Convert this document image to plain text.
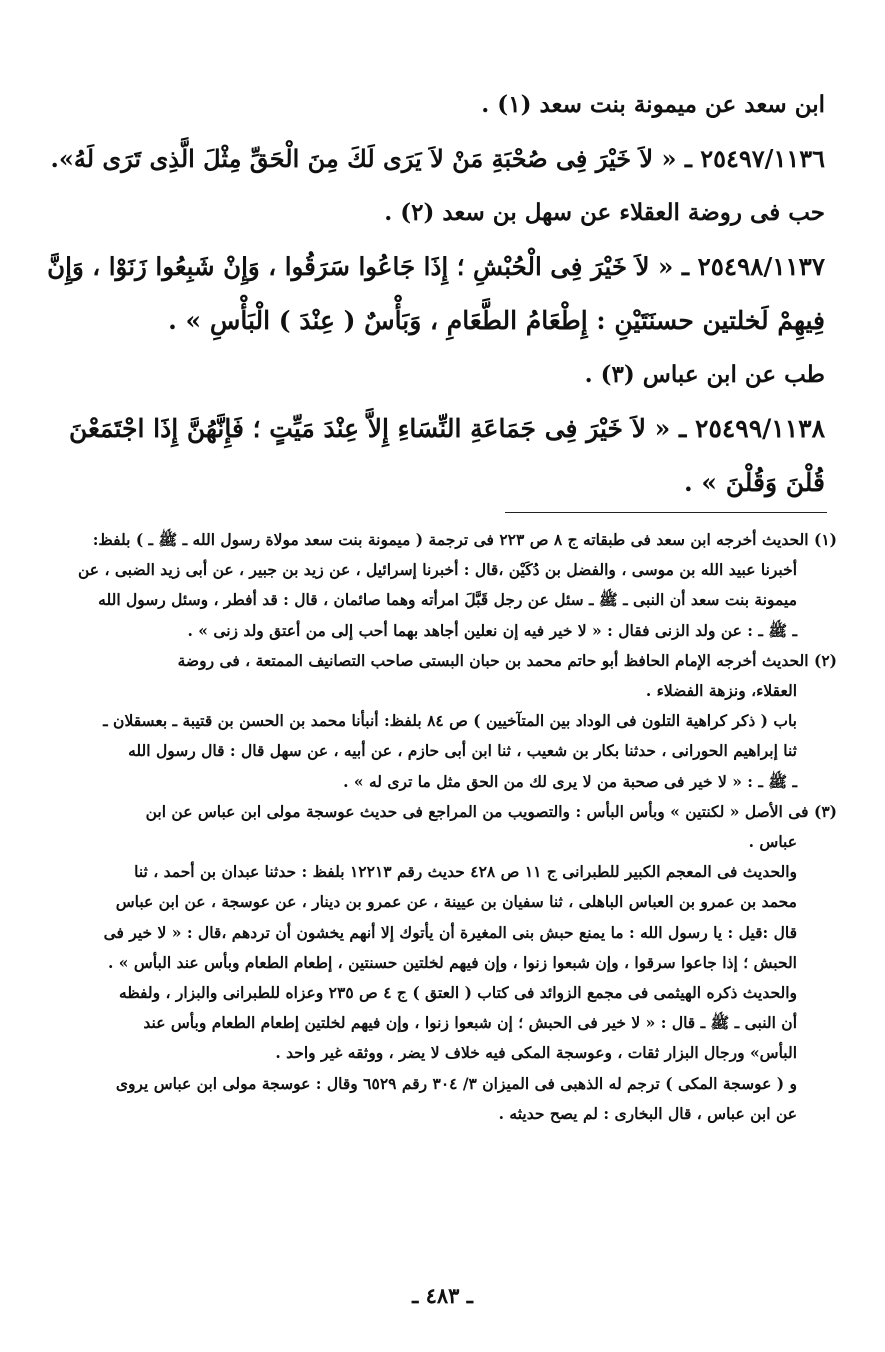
ابن سعد عن ميمونة بنت سعد (١) .
٢٥٤٩٧/١١٣٦ ـ « لاَ خَيْرَ فِى صُحْبَةِ مَنْ لاَ يَرَى لَكَ مِنَ الْحَقِّ مِثْلَ الَّذِى تَرَى لَهُ».
حب فى روضة العقلاء عن سهل بن سعد (٢) .
٢٥٤٩٨/١١٣٧ ـ « لاَ خَيْرَ فِى الْحُبْشِ ؛ إِذَا جَاعُوا سَرَقُوا ، وَإِنْ شَبِعُوا زَنَوْا ، وَإِنَّ
فِيهِمْ لَخلتين حسنَتَيْنِ : إِطْعَامُ الطَّعَامِ ، وَبَأْسٌ ( عِنْدَ ) الْبَأْسِ » .
طب عن ابن عباس (٣) .
٢٥٤٩٩/١١٣٨ ـ « لاَ خَيْرَ فِى جَمَاعَةِ النِّسَاءِ إِلاَّ عِنْدَ مَيِّتٍ ؛ فَإِنَّهُنَّ إِذَا اجْتَمَعْنَ
قُلْنَ وَقُلْنَ » .
(١) الحديث أخرجه ابن سعد فى طبقاته ج ٨ ص ٢٢٣ فى ترجمة ( ميمونة بنت سعد مولاة رسول الله ـ ﷺ ـ ) بلفظ:
أخبرنا عبيد الله بن موسى ، والفضل بن دُكَيْن ،قال : أخبرنا إسرائيل ، عن زيد بن جبير ، عن أبى زيد الضبى ، عن
ميمونة بنت سعد أن النبى ـ ﷺ ـ سئل عن رجل قَبَّلَ امرأته وهما صائمان ، قال : قد أفطر ، وسئل رسول الله
ـ ﷺ ـ : عن ولد الزنى فقال : « لا خير فيه إن نعلين أجاهد بهما أحب إلى من أعتق ولد زنى » .
(٢) الحديث أخرجه الإمام الحافظ أبو حاتم محمد بن حبان البستى صاحب التصانيف الممتعة ، فى روضة
العقلاء، ونزهة الفضلاء .
باب ( ذكر كراهية التلون فى الوداد بين المتآخيين ) ص ٨٤ بلفظ: أنبأنا محمد بن الحسن بن قتيبة ـ بعسقلان ـ
ثنا إبراهيم الحورانى ، حدثنا بكار بن شعيب ، ثنا ابن أبى حازم ، عن أبيه ، عن سهل قال : قال رسول الله
ـ ﷺ ـ : « لا خير فى صحبة من لا يرى لك من الحق مثل ما ترى له » .
(٣) فى الأصل « لكنتين » وبأس البأس : والتصويب من المراجع فى حديث عوسجة مولى ابن عباس عن ابن
عباس .
والحديث فى المعجم الكبير للطبرانى ج ١١ ص ٤٢٨ حديث رقم ١٢٢١٣ بلفظ : حدثنا عبدان بن أحمد ، ثنا
محمد بن عمرو بن العباس الباهلى ، ثنا سفيان بن عيينة ، عن عمرو بن دينار ، عن عوسجة ، عن ابن عباس
قال :قيل : يا رسول الله : ما يمنع حبش بنى المغيرة أن يأتوك إلا أنهم يخشون أن تردهم ،قال : « لا خير فى
الحبش ؛ إذا جاعوا سرقوا ، وإن شبعوا زنوا ، وإن فيهم لخلتين حسنتين ، إطعام الطعام وبأس عند البأس » .
والحديث ذكره الهيثمى فى مجمع الزوائد فى كتاب ( العتق ) ج ٤ ص ٢٣٥ وعزاه للطبرانى والبزار ، ولفظه
أن النبى ـ ﷺ ـ قال : « لا خير فى الحبش ؛ إن شبعوا زنوا ، وإن فيهم لخلتين إطعام الطعام وبأس عند
البأس» ورجال البزار ثقات ، وعوسجة المكى فيه خلاف لا يضر ، ووثقه غير واحد .
و ( عوسجة المكى ) ترجم له الذهبى فى الميزان ٣/ ٣٠٤ رقم ٦٥٢٩ وقال : عوسجة مولى ابن عباس يروى
عن ابن عباس ، قال البخارى : لم يصح حديثه .
ـ ٤٨٣ ـ
